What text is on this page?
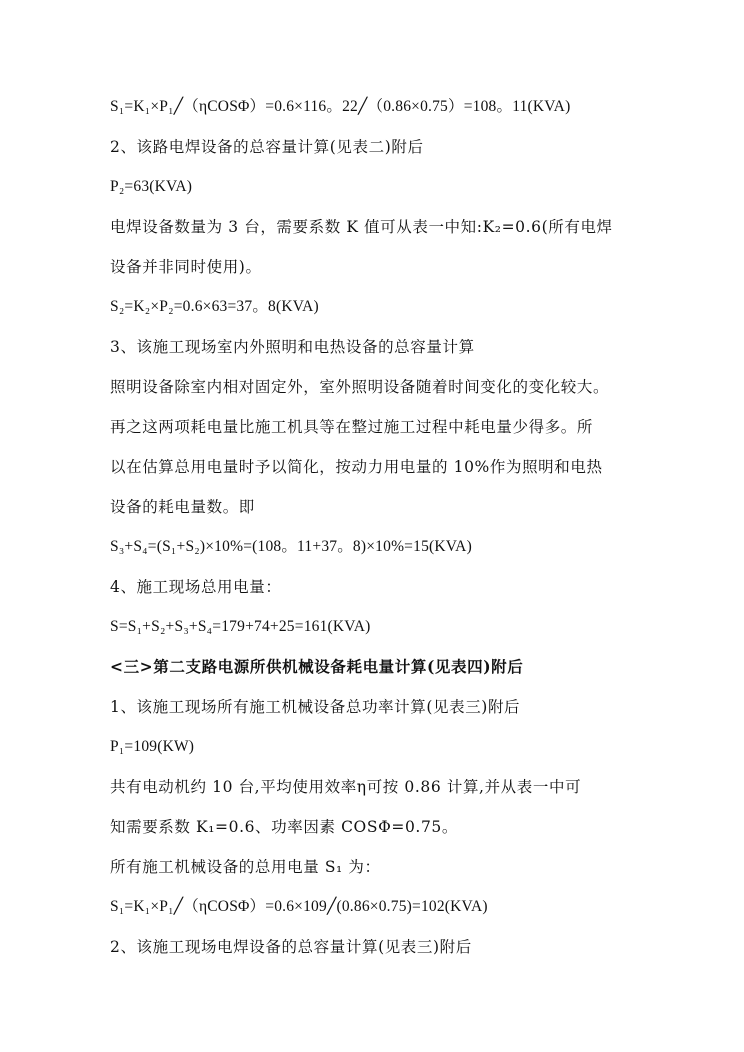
S₁=K₁×P₁╱（ηCOSΦ）=0.6×116。22╱（0.86×0.75）=108。11(KVA)
2、该路电焊设备的总容量计算(见表二)附后
P₂=63(KVA)
电焊设备数量为 3 台，需要系数 K 值可从表一中知:K₂=0.6(所有电焊
设备并非同时使用)。
S₂=K₂×P₂=0.6×63=37。8(KVA)
3、该施工现场室内外照明和电热设备的总容量计算
照明设备除室内相对固定外，室外照明设备随着时间变化的变化较大。
再之这两项耗电量比施工机具等在整过施工过程中耗电量少得多。所
以在估算总用电量时予以简化，按动力用电量的 10%作为照明和电热
设备的耗电量数。即
S₃+S₄=(S₁+S₂)×10%=(108。11+37。8)×10%=15(KVA)
4、施工现场总用电量：
S=S₁+S₂+S₃+S₄=179+74+25=161(KVA)
<三>第二支路电源所供机械设备耗电量计算(见表四)附后
1、该施工现场所有施工机械设备总功率计算(见表三)附后
P₁=109(KW)
共有电动机约 10 台,平均使用效率η可按 0.86 计算,并从表一中可
知需要系数 K₁=0.6、功率因素 COSΦ=0.75。
所有施工机械设备的总用电量 S₁ 为：
S₁=K₁×P₁╱（ηCOSΦ）=0.6×109╱(0.86×0.75)=102(KVA)
2、该施工现场电焊设备的总容量计算(见表三)附后
